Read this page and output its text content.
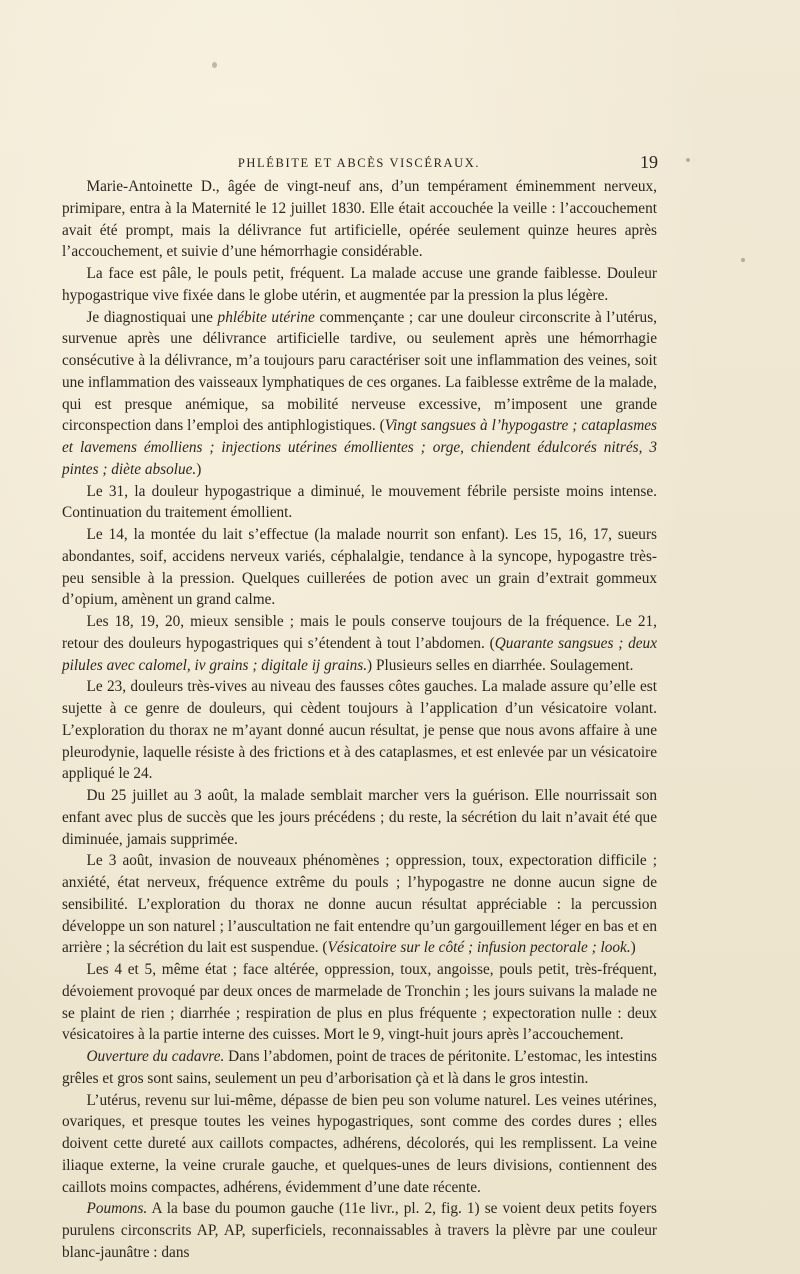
PHLÉBITE ET ABCÈS VISCÉRAUX.	19

Marie-Antoinette D., âgée de vingt-neuf ans, d’un tempérament éminemment nerveux, primipare, entra à la Maternité le 12 juillet 1830. Elle était accouchée la veille : l’accouchement avait été prompt, mais la délivrance fut artificielle, opérée seulement quinze heures après l’accouchement, et suivie d’une hémorrhagie considérable.

La face est pâle, le pouls petit, fréquent. La malade accuse une grande faiblesse. Douleur hypogastrique vive fixée dans le globe utérin, et augmentée par la pression la plus légère.

Je diagnostiquai une phlébite utérine commençante ; car une douleur circonscrite à l’utérus, survenue après une délivrance artificielle tardive, ou seulement après une hémorrhagie consécutive à la délivrance, m’a toujours paru caractériser soit une inflammation des veines, soit une inflammation des vaisseaux lymphatiques de ces organes. La faiblesse extrême de la malade, qui est presque anémique, sa mobilité nerveuse excessive, m’imposent une grande circonspection dans l’emploi des antiphlogistiques. (Vingt sangsues à l’hypogastre ; cataplasmes et lavemens émolliens ; injections utérines émollientes ; orge, chiendent édulcorés nitrés, 3 pintes ; diète absolue.)

Le 31, la douleur hypogastrique a diminué, le mouvement fébrile persiste moins intense. Continuation du traitement émollient.

Le 14, la montée du lait s’effectue (la malade nourrit son enfant). Les 15, 16, 17, sueurs abondantes, soif, accidens nerveux variés, céphalalgie, tendance à la syncope, hypogastre très-peu sensible à la pression. Quelques cuillerées de potion avec un grain d’extrait gommeux d’opium, amènent un grand calme.

Les 18, 19, 20, mieux sensible ; mais le pouls conserve toujours de la fréquence. Le 21, retour des douleurs hypogastriques qui s’étendent à tout l’abdomen. (Quarante sangsues ; deux pilules avec calomel, iv grains ; digitale ij grains.) Plusieurs selles en diarrhée. Soulagement.

Le 23, douleurs très-vives au niveau des fausses côtes gauches. La malade assure qu’elle est sujette à ce genre de douleurs, qui cèdent toujours à l’application d’un vésicatoire volant. L’exploration du thorax ne m’ayant donné aucun résultat, je pense que nous avons affaire à une pleurodynie, laquelle résiste à des frictions et à des cataplasmes, et est enlevée par un vésicatoire appliqué le 24.

Du 25 juillet au 3 août, la malade semblait marcher vers la guérison. Elle nourrissait son enfant avec plus de succès que les jours précédens ; du reste, la sécrétion du lait n’avait été que diminuée, jamais supprimée.

Le 3 août, invasion de nouveaux phénomènes ; oppression, toux, expectoration difficile ; anxiété, état nerveux, fréquence extrême du pouls ; l’hypogastre ne donne aucun signe de sensibilité. L’exploration du thorax ne donne aucun résultat appréciable : la percussion développe un son naturel ; l’auscultation ne fait entendre qu’un gargouillement léger en bas et en arrière ; la sécrétion du lait est suspendue. (Vésicatoire sur le côté ; infusion pectorale ; look.)

Les 4 et 5, même état ; face altérée, oppression, toux, angoisse, pouls petit, très-fréquent, dévoiement provoqué par deux onces de marmelade de Tronchin ; les jours suivans la malade ne se plaint de rien ; diarrhée ; respiration de plus en plus fréquente ; expectoration nulle : deux vésicatoires à la partie interne des cuisses. Mort le 9, vingt-huit jours après l’accouchement.

Ouverture du cadavre. Dans l’abdomen, point de traces de péritonite. L’estomac, les intestins grêles et gros sont sains, seulement un peu d’arborisation çà et là dans le gros intestin.

L’utérus, revenu sur lui-même, dépasse de bien peu son volume naturel. Les veines utérines, ovariques, et presque toutes les veines hypogastriques, sont comme des cordes dures ; elles doivent cette dureté aux caillots compactes, adhérens, décolorés, qui les remplissent. La veine iliaque externe, la veine crurale gauche, et quelques-unes de leurs divisions, contiennent des caillots moins compactes, adhérens, évidemment d’une date récente.

Poumons. A la base du poumon gauche (11e livr., pl. 2, fig. 1) se voient deux petits foyers purulens circonscrits AP, AP, superficiels, reconnaissables à travers la plèvre par une couleur blanc-jaunâtre : dans
